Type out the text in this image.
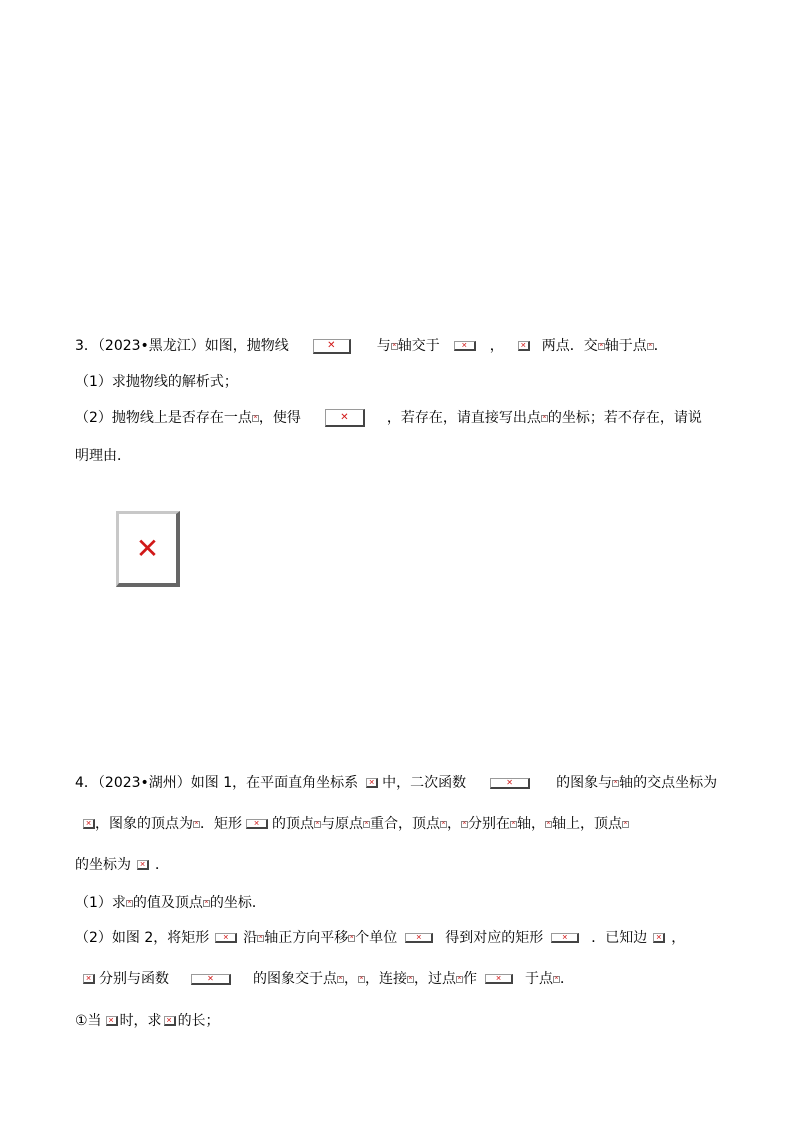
3．（2023•黑龙江）如图，抛物线 ✕	与 ✕ 轴交于 ✕	， ✕	两点．交 ✕ 轴于点 ✕ ．
（1）求抛物线的解析式；
（2）抛物线上是否存在一点 ✕ ，使得 ✕	，若存在，请直接写出点 ✕ 的坐标；若不存在，请说
明理由．
✕
4．（2023•湖州）如图 1，在平面直角坐标系 ✕ 中，二次函数 ✕	的图象与 ✕ 轴的交点坐标为
✕，图象的顶点为 ✕ ．矩形 ✕ 的顶点 ✕ 与原点 ✕ 重合，顶点 ✕ ， ✕ 分别在 ✕ 轴， ✕ 轴上，顶点✕
的坐标为 ✕ ．
（1）求 ✕ 的值及顶点 ✕ 的坐标．
（2）如图 2，将矩形 ✕ 沿 ✕ 轴正方向平移 ✕ 个单位 ✕	得到对应的矩形 ✕	．已知边 ✕ ，
✕分别与函数 ✕	的图象交于点 ✕ ， ✕ ，连接 ✕ ，过点 ✕ 作 ✕	于点 ✕ ．
①当 ✕ 时，求 ✕ 的长；
